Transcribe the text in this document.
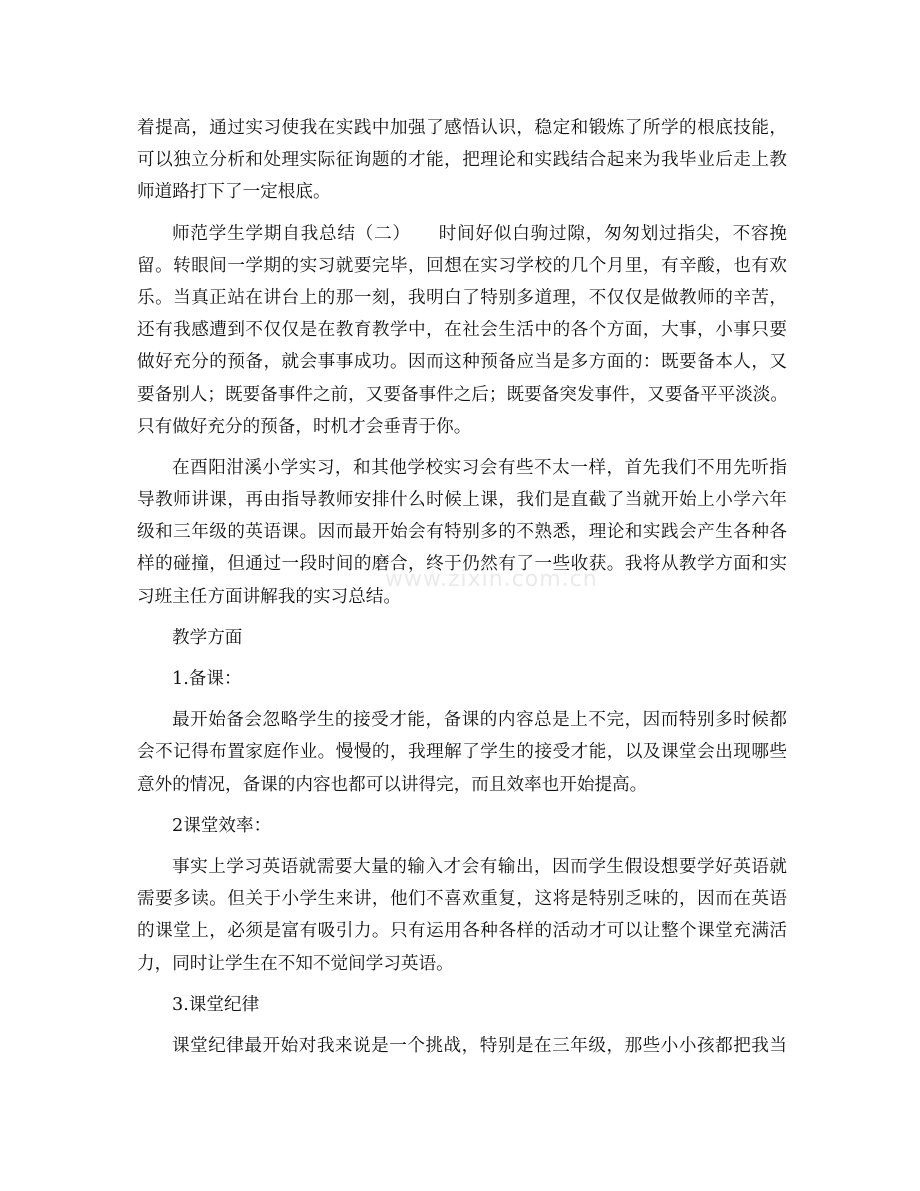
www.zixin.com.cn
着提高，通过实习使我在实践中加强了感悟认识，稳定和锻炼了所学的根底技能，
可以独立分析和处理实际征询题的才能，把理论和实践结合起来为我毕业后走上教
师道路打下了一定根底。
师范学生学期自我总结（二）　　时间好似白驹过隙，匆匆划过指尖，不容挽
留。转眼间一学期的实习就要完毕，回想在实习学校的几个月里，有辛酸，也有欢
乐。当真正站在讲台上的那一刻，我明白了特别多道理，不仅仅是做教师的辛苦，
还有我感遭到不仅仅是在教育教学中，在社会生活中的各个方面，大事，小事只要
做好充分的预备，就会事事成功。因而这种预备应当是多方面的：既要备本人，又
要备别人；既要备事件之前，又要备事件之后；既要备突发事件，又要备平平淡淡。
只有做好充分的预备，时机才会垂青于你。
在酉阳泔溪小学实习，和其他学校实习会有些不太一样，首先我们不用先听指
导教师讲课，再由指导教师安排什么时候上课，我们是直截了当就开始上小学六年
级和三年级的英语课。因而最开始会有特别多的不熟悉，理论和实践会产生各种各
样的碰撞，但通过一段时间的磨合，终于仍然有了一些收获。我将从教学方面和实
习班主任方面讲解我的实习总结。
教学方面
1.备课：
最开始备会忽略学生的接受才能，备课的内容总是上不完，因而特别多时候都
会不记得布置家庭作业。慢慢的，我理解了学生的接受才能，以及课堂会出现哪些
意外的情况，备课的内容也都可以讲得完，而且效率也开始提高。
2课堂效率：
事实上学习英语就需要大量的输入才会有输出，因而学生假设想要学好英语就
需要多读。但关于小学生来讲，他们不喜欢重复，这将是特别乏味的，因而在英语
的课堂上，必须是富有吸引力。只有运用各种各样的活动才可以让整个课堂充满活
力，同时让学生在不知不觉间学习英语。
3.课堂纪律
课堂纪律最开始对我来说是一个挑战，特别是在三年级，那些小小孩都把我当
